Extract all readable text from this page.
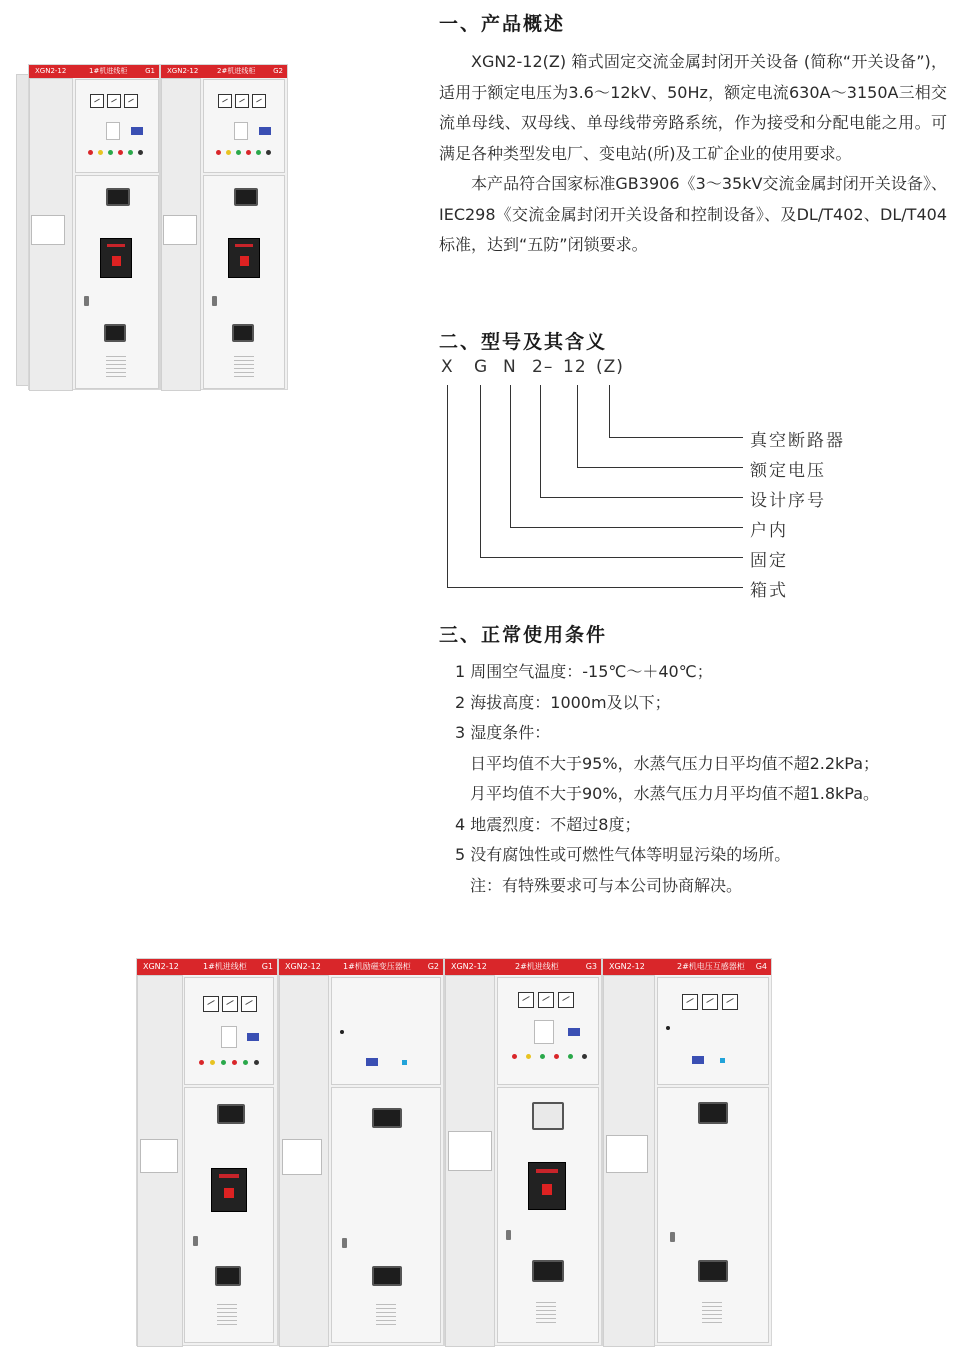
XGN2-12	1#机进线柜	G1 XGN2-12	2#机进线柜	G2
一、产品概述

XGN2-12(Z) 箱式固定交流金属封闭开关设备 (简称“开关设备”)，适用于额定电压为3.6～12kV、50Hz，额定电流630A～3150A三相交流单母线、双母线、单母线带旁路系统，作为接受和分配电能之用。可满足各种类型发电厂、变电站(所)及工矿企业的使用要求。

本产品符合国家标准GB3906《3～35kV交流金属封闭开关设备》、IEC298《交流金属封闭开关设备和控制设备》、及DL/T402、DL/T404标准，达到“五防”闭锁要求。

二、型号及其含义
X G N 2– 12 (Z)
真空断路器
额定电压
设计序号
户内
固定
箱式
三、正常使用条件
1 周围空气温度：-15℃～＋40℃；
2 海拔高度：1000m及以下；
3 湿度条件：
日平均值不大于95%，水蒸气压力日平均值不超2.2kPa；
月平均值不大于90%，水蒸气压力月平均值不超1.8kPa。
4 地震烈度：不超过8度；
5 没有腐蚀性或可燃性气体等明显污染的场所。
注：有特殊要求可与本公司协商解决。
XGN2-12	1#机进线柜 G1 XGN2-12	1#机励磁变压器柜 G2 XGN2-12	2#机进线柜	G3 XGN2-12	2#机电压互感器柜 G4
